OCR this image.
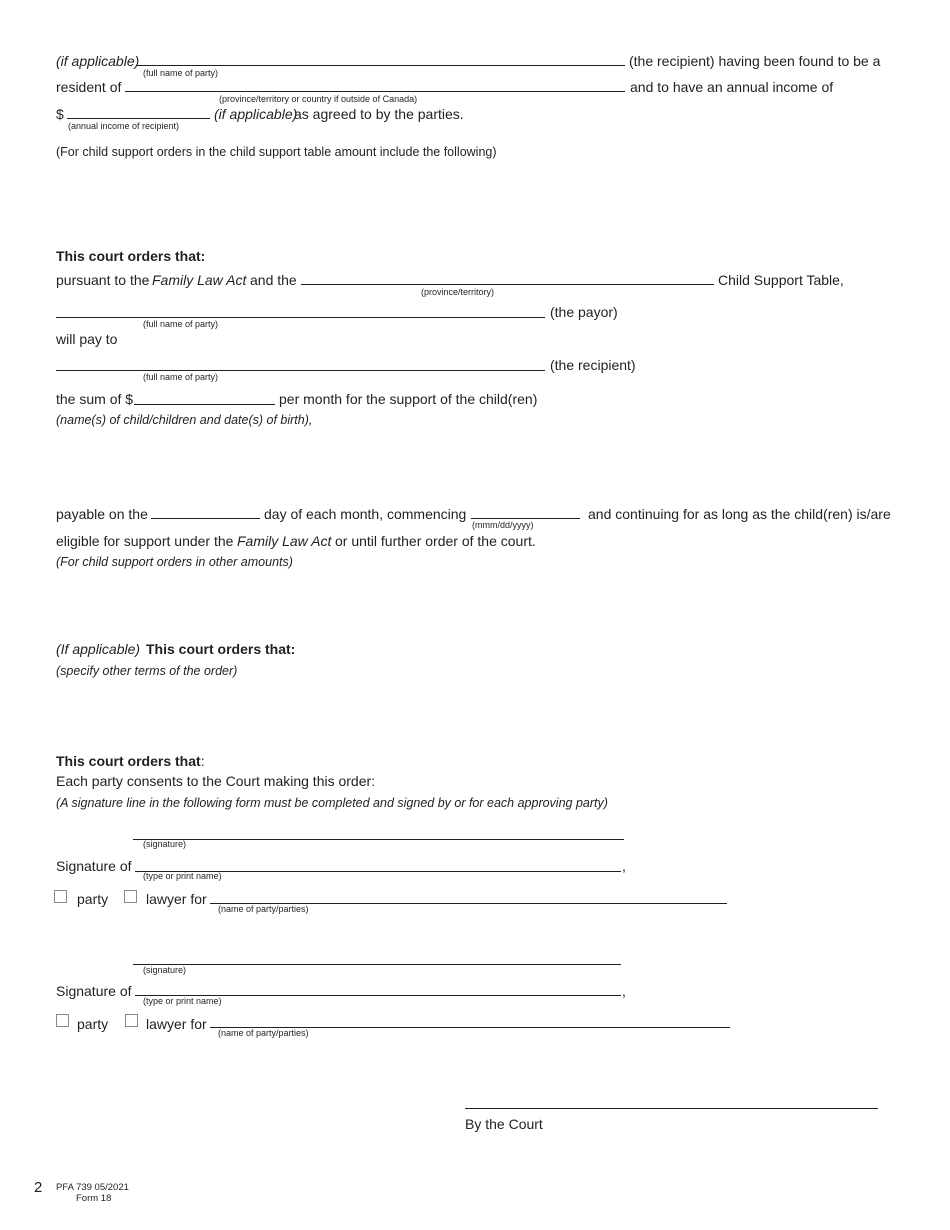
(if applicable)
(full name of party)
(the recipient) having been found to be a
resident of
(province/territory or country if outside of Canada)
and to have an annual income of
$
(annual income of recipient)
(if applicable)
as agreed to by the parties.
(For child support orders in the child support table amount include the following)
This court orders that:
pursuant to the Family Law Act and the
(province/territory)
Child Support Table,
(the payor)
(full name of party)
will pay to
(the recipient)
(full name of party)
the sum of $	per month for the support of the child(ren)
(name(s) of child/children and date(s) of birth),
payable on the	day of each month, commencing
(mmm/dd/yyyy)
and continuing for as long as the child(ren) is/are
eligible for support under the Family Law Act or until further order of the court.
(For child support orders in other amounts)
(If applicable) This court orders that:
(specify other terms of the order)
This court orders that:
Each party consents to the Court making this order:
(A signature line in the following form must be completed and signed by or for each approving party)
(signature)
Signature of
(type or print name)
,
party	lawyer for
(name of party/parties)
(signature)
Signature of
(type or print name)
,
party	lawyer for
(name of party/parties)
By the Court
2 PFA 739 05/2021
Form 18
